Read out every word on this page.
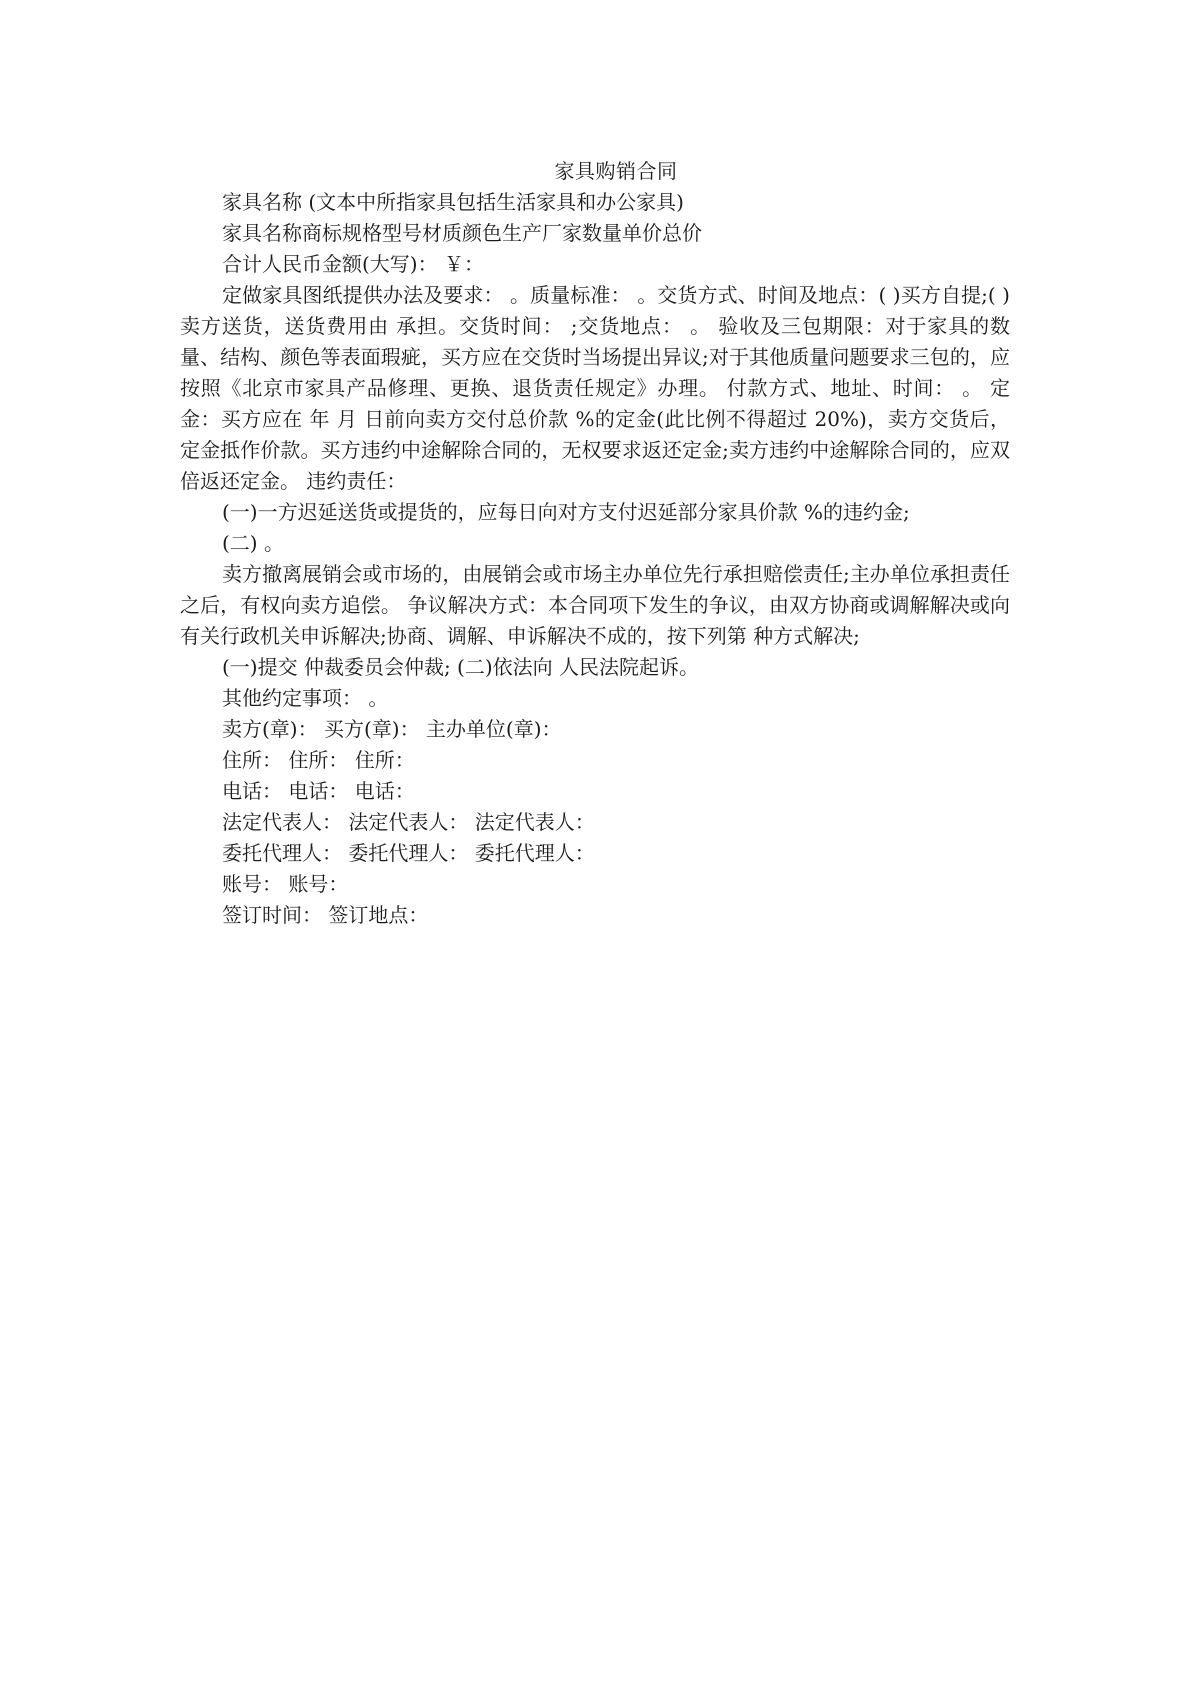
家具购销合同

家具名称 (文本中所指家具包括生活家具和办公家具)

家具名称商标规格型号材质颜色生产厂家数量单价总价

合计人民币金额(大写)： ￥：

定做家具图纸提供办法及要求： 。质量标准： 。交货方式、时间及地点：( )买方自提;( )卖方送货，送货费用由 承担。交货时间： ;交货地点： 。 验收及三包期限：对于家具的数量、结构、颜色等表面瑕疵，买方应在交货时当场提出异议;对于其他质量问题要求三包的，应按照《北京市家具产品修理、更换、退货责任规定》办理。 付款方式、地址、时间： 。 定金：买方应在 年 月 日前向卖方交付总价款 %的定金(此比例不得超过 20%)，卖方交货后，定金抵作价款。买方违约中途解除合同的，无权要求返还定金;卖方违约中途解除合同的，应双倍返还定金。 违约责任：

(一)一方迟延送货或提货的，应每日向对方支付迟延部分家具价款 %的违约金;

(二) 。

卖方撤离展销会或市场的，由展销会或市场主办单位先行承担赔偿责任;主办单位承担责任之后，有权向卖方追偿。 争议解决方式：本合同项下发生的争议，由双方协商或调解解决或向有关行政机关申诉解决;协商、调解、申诉解决不成的，按下列第 种方式解决;

(一)提交 仲裁委员会仲裁; (二)依法向 人民法院起诉。

其他约定事项： 。

卖方(章)： 买方(章)： 主办单位(章)：

住所： 住所： 住所：

电话： 电话： 电话：

法定代表人： 法定代表人： 法定代表人：

委托代理人： 委托代理人： 委托代理人：

账号： 账号：

签订时间： 签订地点：
